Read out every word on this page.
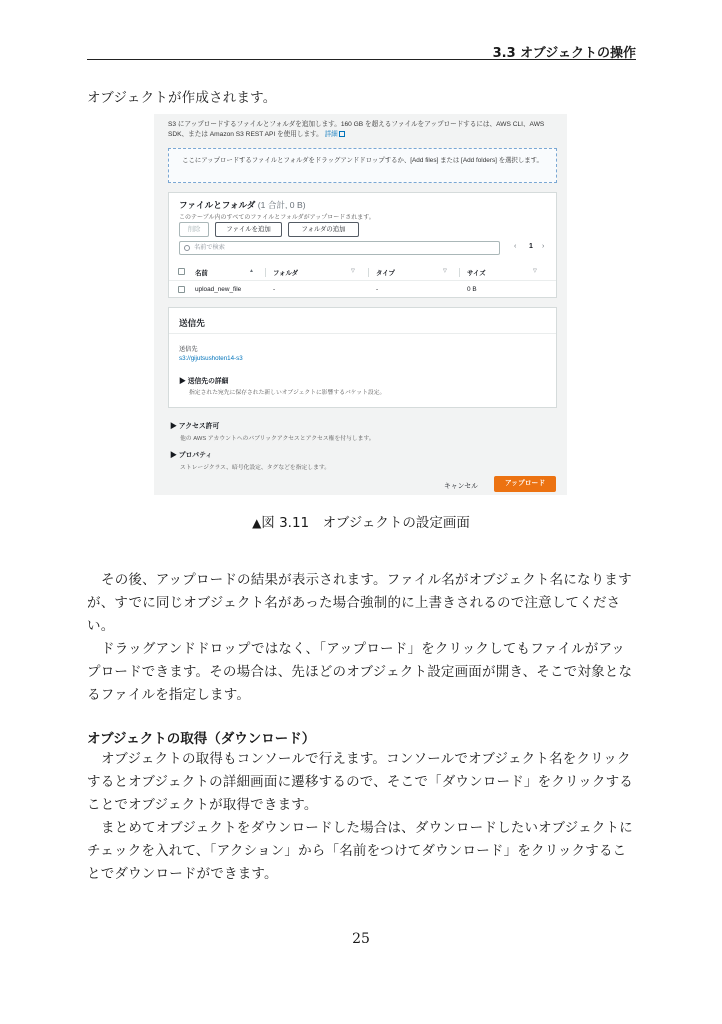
3.3 オブジェクトの操作
オブジェクトが作成されます。
S3 にアップロードするファイルとフォルダを追加します。160 GB を超えるファイルをアップロードするには、AWS CLI、AWS SDK、または Amazon S3 REST API を使用します。 詳細
ここにアップロードするファイルとフォルダをドラッグアンドドロップするか、[Add files] または [Add folders] を選択します。
ファイルとフォルダ (1 合計, 0 B)
このテーブル内のすべてのファイルとフォルダがアップロードされます。
削除	ファイルを追加	フォルダの追加
名前で検索	‹ 1 ›
名前	▲	フォルダ	▽	タイプ	▽	サイズ	▽
upload_new_file	-	-	0 B
送信先
送信先
s3://gijutsushoten14-s3
▶ 送信先の詳細
指定された宛先に保存された新しいオブジェクトに影響するバケット設定。
▶ アクセス許可
他の AWS アカウントへのパブリックアクセスとアクセス権を付与します。
▶ プロパティ
ストレージクラス、暗号化設定、タグなどを指定します。
キャンセル	アップロード
▲図 3.11　オブジェクトの設定画面
その後、アップロードの結果が表示されます。ファイル名がオブジェクト名になりますが、すでに同じオブジェクト名があった場合強制的に上書きされるので注意してください。
ドラッグアンドドロップではなく、「アップロード」をクリックしてもファイルがアップロードできます。その場合は、先ほどのオブジェクト設定画面が開き、そこで対象となるファイルを指定します。
オブジェクトの取得（ダウンロード）
オブジェクトの取得もコンソールで行えます。コンソールでオブジェクト名をクリックするとオブジェクトの詳細画面に遷移するので、そこで「ダウンロード」をクリックすることでオブジェクトが取得できます。
まとめてオブジェクトをダウンロードした場合は、ダウンロードしたいオブジェクトにチェックを入れて、「アクション」から「名前をつけてダウンロード」をクリックすることでダウンロードができます。
25
